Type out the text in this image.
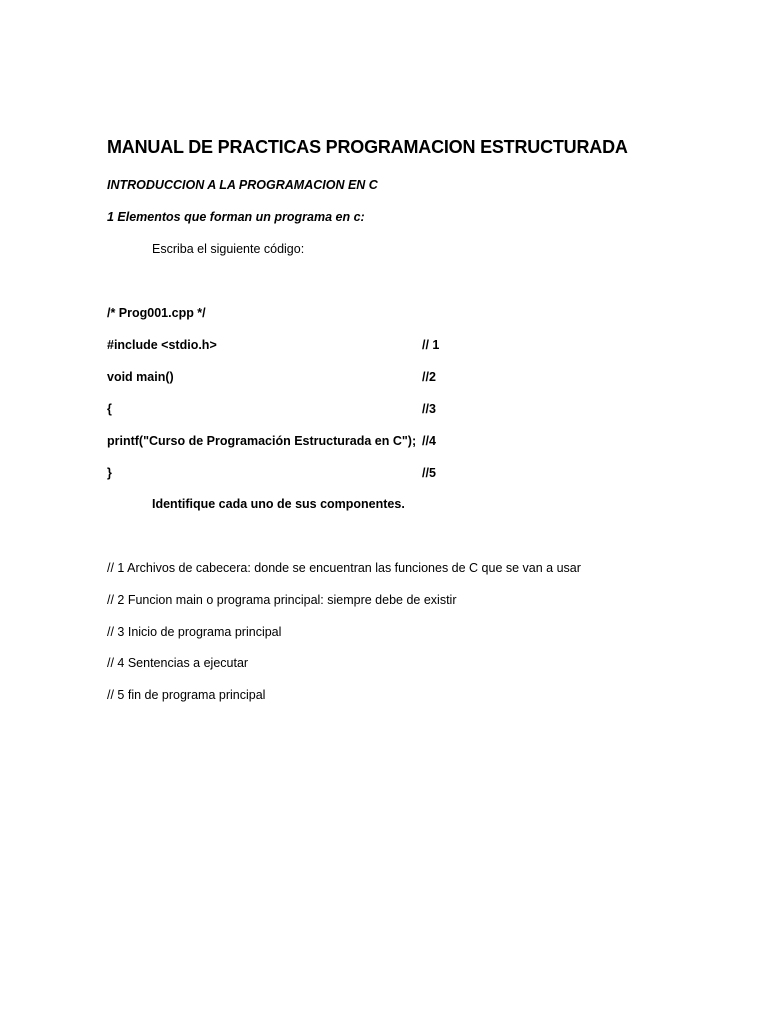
MANUAL DE PRACTICAS PROGRAMACION ESTRUCTURADA
INTRODUCCION A LA PROGRAMACION EN C
1 Elementos que forman un programa en c:
Escriba el siguiente código:
/* Prog001.cpp */
#include <stdio.h>	// 1
void main()	//2
{	//3
printf("Curso de Programación Estructurada en C"); //4
}	//5
Identifique cada uno de sus componentes.
// 1 Archivos de cabecera: donde se encuentran las funciones de C que se van a usar
// 2 Funcion main o programa principal: siempre debe de existir
// 3 Inicio de programa principal
// 4 Sentencias a ejecutar
// 5 fin de programa principal
